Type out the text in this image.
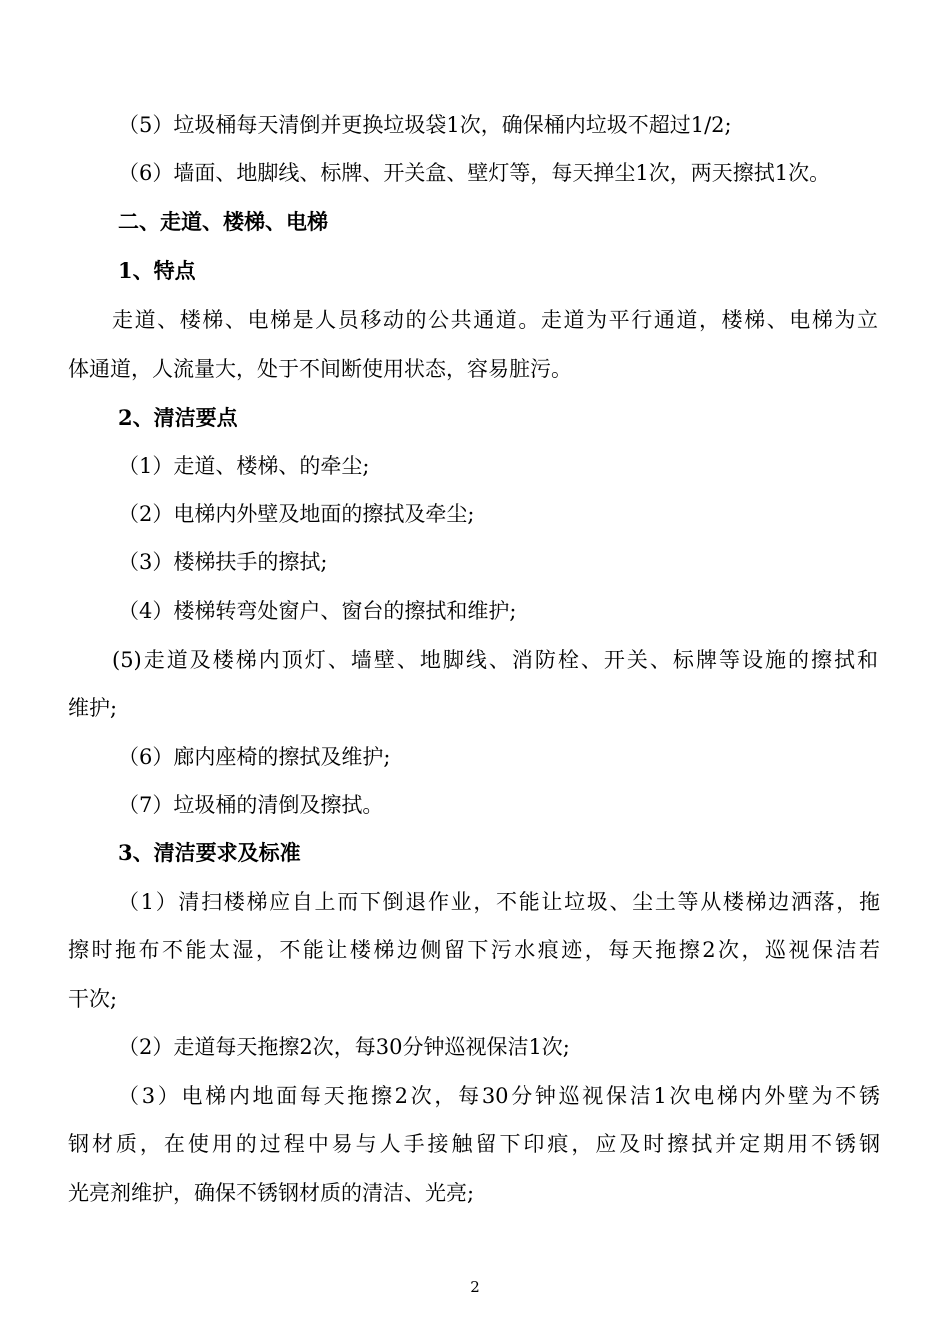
（5）垃圾桶每天清倒并更换垃圾袋1次，确保桶内垃圾不超过1/2;
（6）墙面、地脚线、标牌、开关盒、壁灯等，每天掸尘1次，两天擦拭1次。
二、走道、楼梯、电梯
1、特点
走道、楼梯、电梯是人员移动的公共通道。走道为平行通道，楼梯、电梯为立
体通道，人流量大，处于不间断使用状态，容易脏污。
2、清洁要点
（1）走道、楼梯、的牵尘;
（2）电梯内外壁及地面的擦拭及牵尘;
（3）楼梯扶手的擦拭;
（4）楼梯转弯处窗户、窗台的擦拭和维护;
(5)走道及楼梯内顶灯、墙壁、地脚线、消防栓、开关、标牌等设施的擦拭和
维护;
（6）廊内座椅的擦拭及维护;
（7）垃圾桶的清倒及擦拭。
3、清洁要求及标准
（1）清扫楼梯应自上而下倒退作业，不能让垃圾、尘土等从楼梯边洒落，拖
擦时拖布不能太湿，不能让楼梯边侧留下污水痕迹，每天拖擦2次，巡视保洁若
干次;
（2）走道每天拖擦2次，每30分钟巡视保洁1次;
（3）电梯内地面每天拖擦2次，每30分钟巡视保洁1次电梯内外壁为不锈
钢材质，在使用的过程中易与人手接触留下印痕，应及时擦拭并定期用不锈钢
光亮剂维护，确保不锈钢材质的清洁、光亮;
2
